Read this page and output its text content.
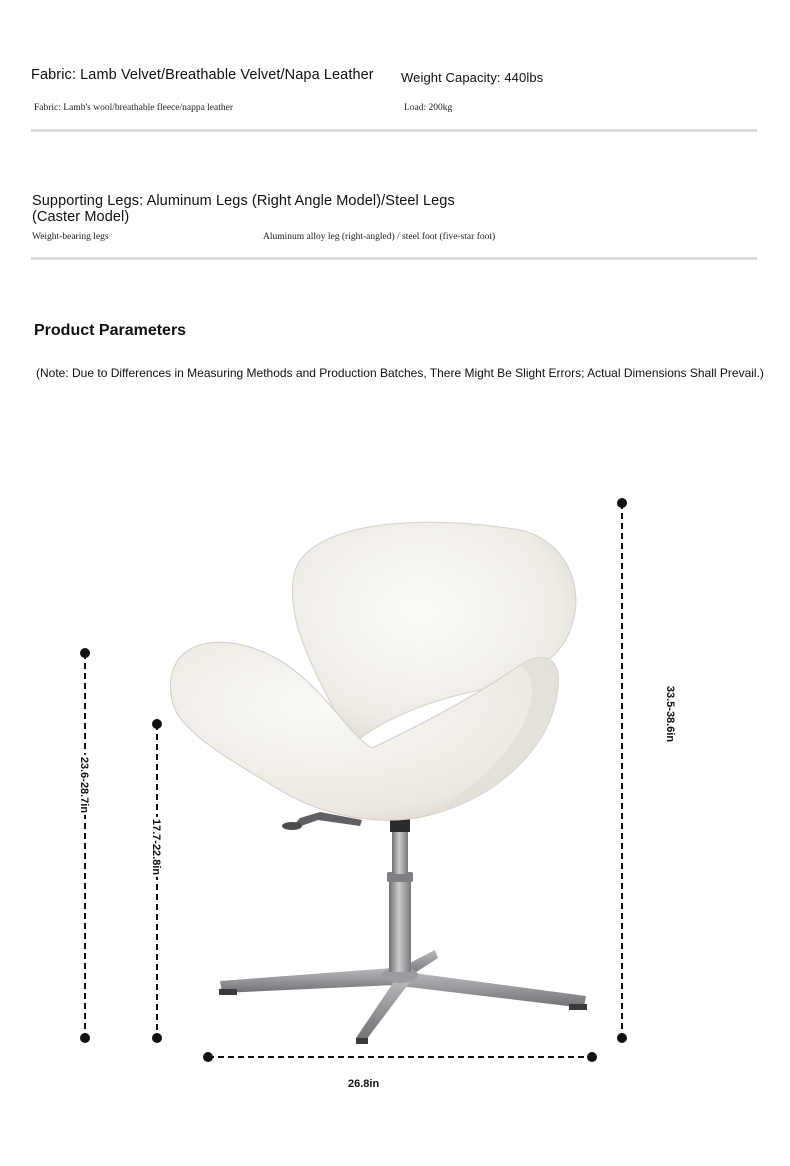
Fabric: Lamb Velvet/Breathable Velvet/Napa Leather Weight Capacity: 440lbs
Fabric: Lamb's wool/breathable fleece/nappa leather	Load: 200kg
Supporting Legs: Aluminum Legs (Right Angle Model)/Steel Legs
(Caster Model)
Weight-bearing legs	Aluminum alloy leg (right-angled) / steel foot (five-star foot)
Product Parameters
(Note: Due to Differences in Measuring Methods and Production Batches, There Might Be Slight Errors; Actual Dimensions Shall Prevail.)
33.5-38.6in
23.6-28.7in
17.7-22.8in
26.8in
